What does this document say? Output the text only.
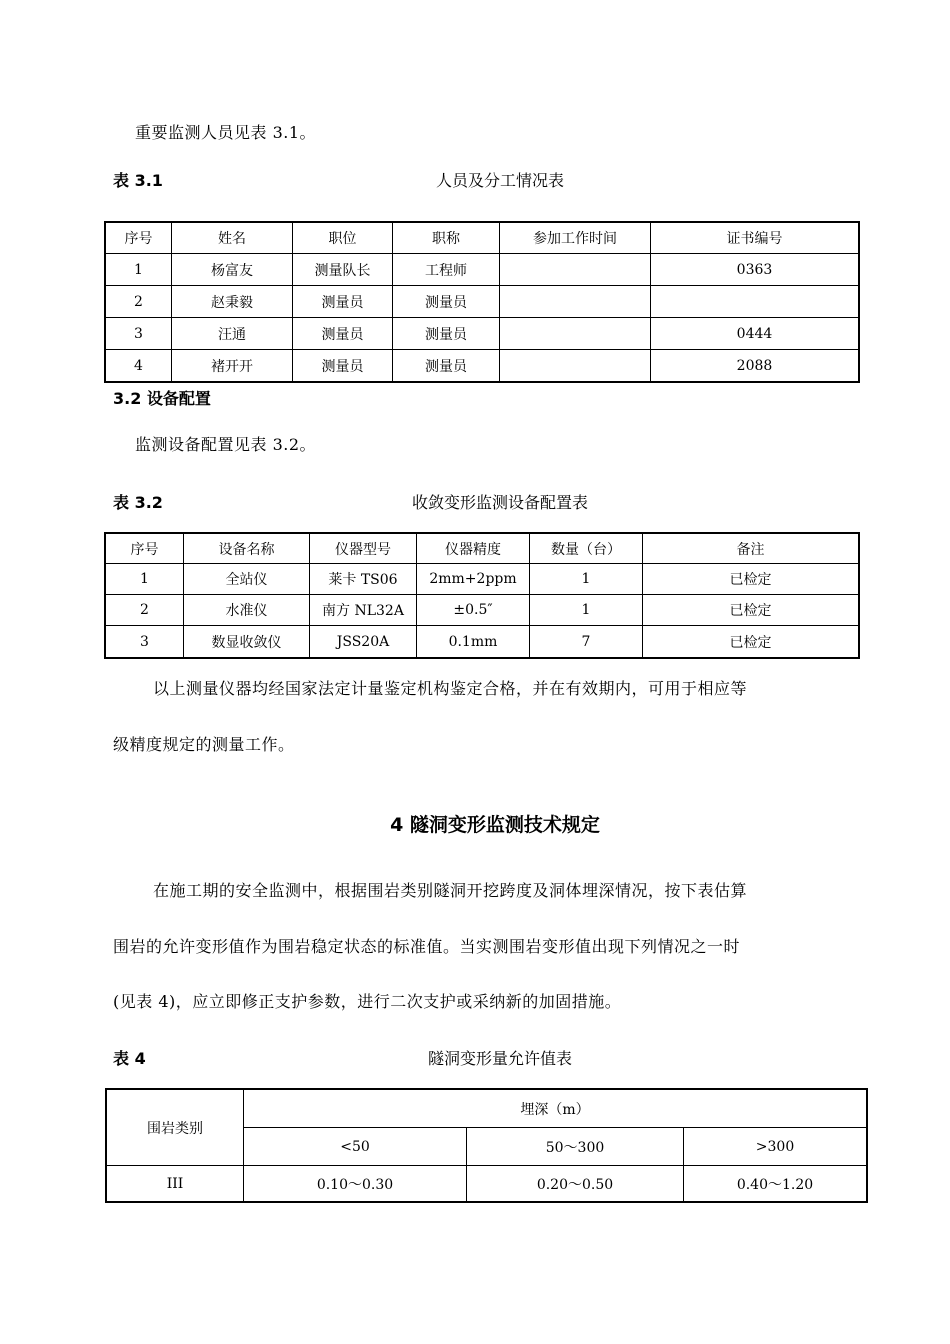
重要监测人员见表 3.1。
表 3.1	人员及分工情况表
序号	姓名	职位	职称	参加工作时间	证书编号
1	杨富友	测量队长	工程师		0363
2	赵秉毅	测量员	测量员		
3	汪通	测量员	测量员		0444
4	褚开开	测量员	测量员		2088
3.2 设备配置
监测设备配置见表 3.2。
表 3.2	收敛变形监测设备配置表
序号	设备名称	仪器型号	仪器精度	数量（台）	备注
1	全站仪	莱卡 TS06	2mm+2ppm	1	已检定
2	水准仪	南方 NL32A	±0.5″	1	已检定
3	数显收敛仪	JSS20A	0.1mm	7	已检定
以上测量仪器均经国家法定计量鉴定机构鉴定合格，并在有效期内，可用于相应等
级精度规定的测量工作。
4 隧洞变形监测技术规定
在施工期的安全监测中，根据围岩类别隧洞开挖跨度及洞体埋深情况，按下表估算
围岩的允许变形值作为围岩稳定状态的标准值。当实测围岩变形值出现下列情况之一时
(见表 4)，应立即修正支护参数，进行二次支护或采纳新的加固措施。
表 4	隧洞变形量允许值表
围岩类别	埋深（m）		
	<50	50～300	>300
III	0.10～0.30	0.20～0.50	0.40～1.20
